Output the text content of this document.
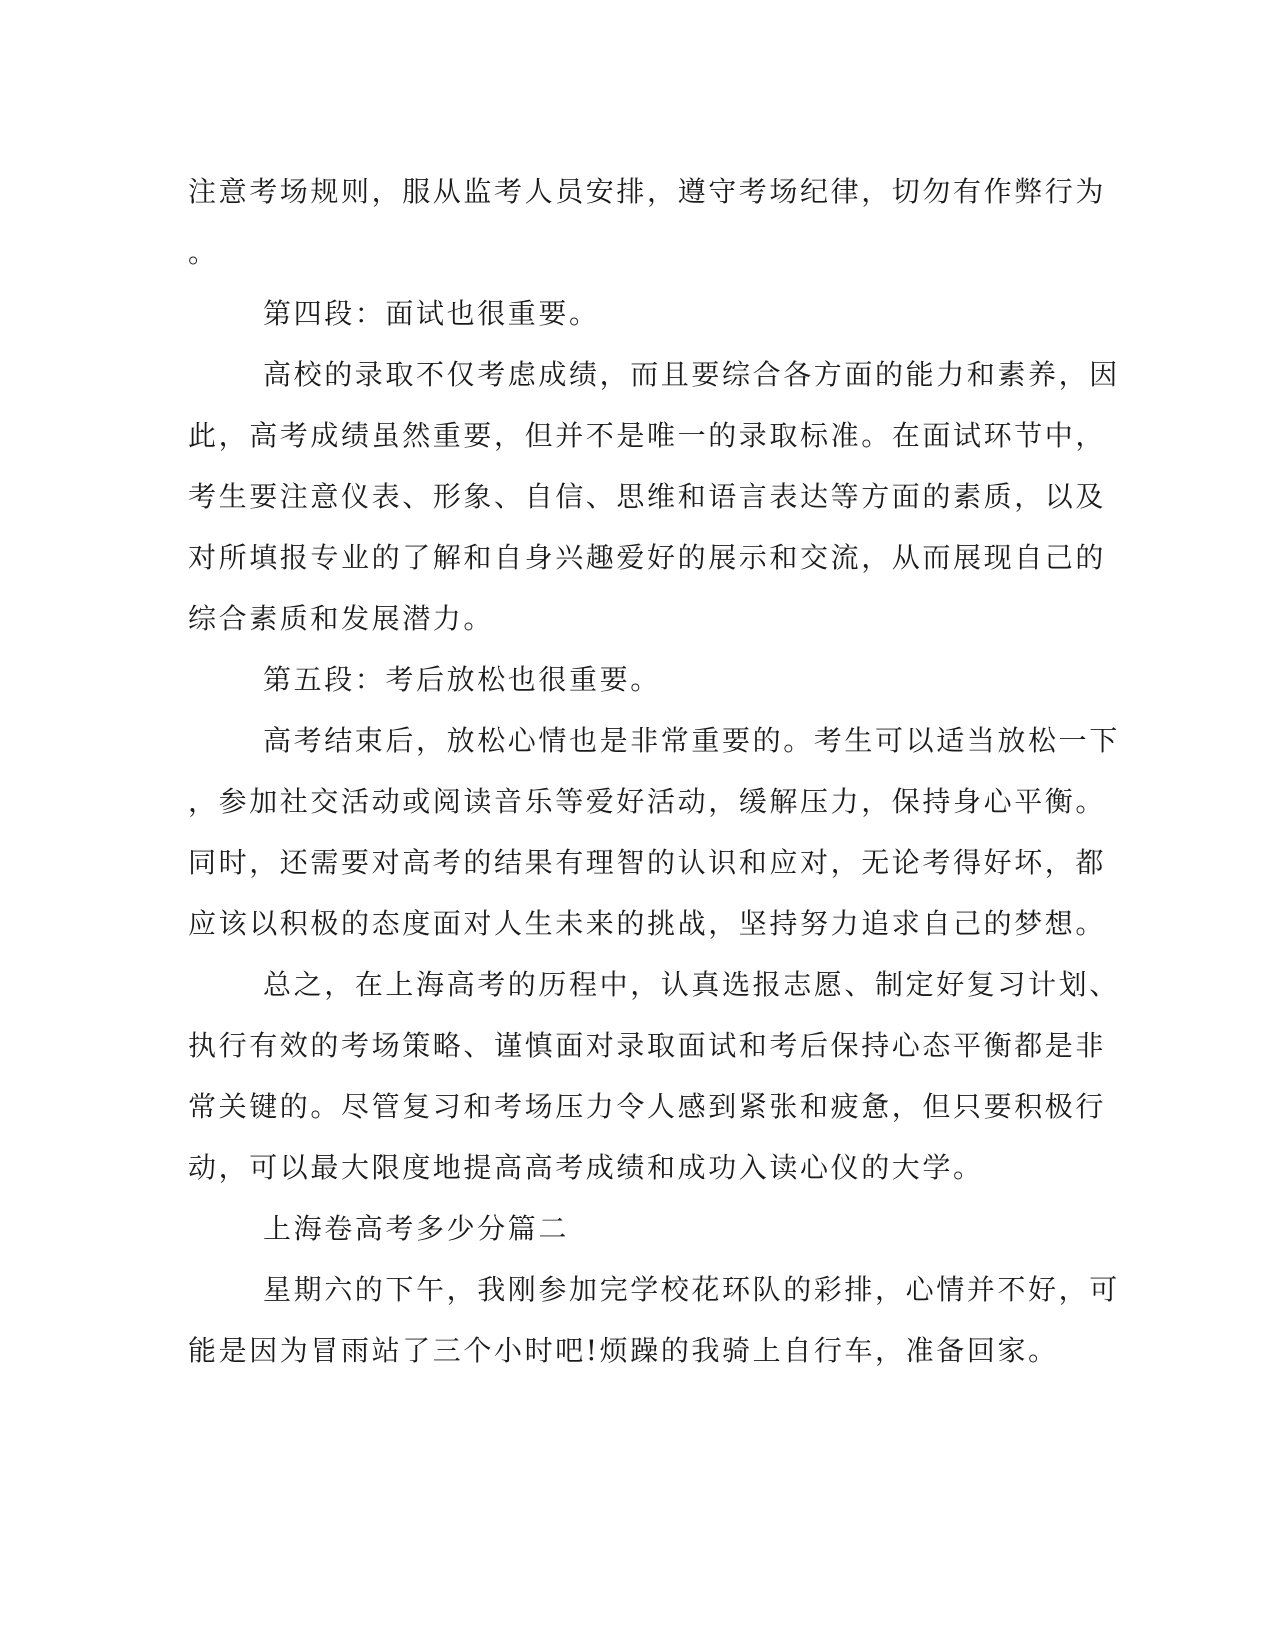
注意考场规则，服从监考人员安排，遵守考场纪律，切勿有作弊行为
。
第四段：面试也很重要。
高校的录取不仅考虑成绩，而且要综合各方面的能力和素养，因
此，高考成绩虽然重要，但并不是唯一的录取标准。在面试环节中，
考生要注意仪表、形象、自信、思维和语言表达等方面的素质，以及
对所填报专业的了解和自身兴趣爱好的展示和交流，从而展现自己的
综合素质和发展潜力。
第五段：考后放松也很重要。
高考结束后，放松心情也是非常重要的。考生可以适当放松一下
，参加社交活动或阅读音乐等爱好活动，缓解压力，保持身心平衡。
同时，还需要对高考的结果有理智的认识和应对，无论考得好坏，都
应该以积极的态度面对人生未来的挑战，坚持努力追求自己的梦想。
总之，在上海高考的历程中，认真选报志愿、制定好复习计划、
执行有效的考场策略、谨慎面对录取面试和考后保持心态平衡都是非
常关键的。尽管复习和考场压力令人感到紧张和疲惫，但只要积极行
动，可以最大限度地提高高考成绩和成功入读心仪的大学。
上海卷高考多少分篇二
星期六的下午，我刚参加完学校花环队的彩排，心情并不好，可
能是因为冒雨站了三个小时吧!烦躁的我骑上自行车，准备回家。
